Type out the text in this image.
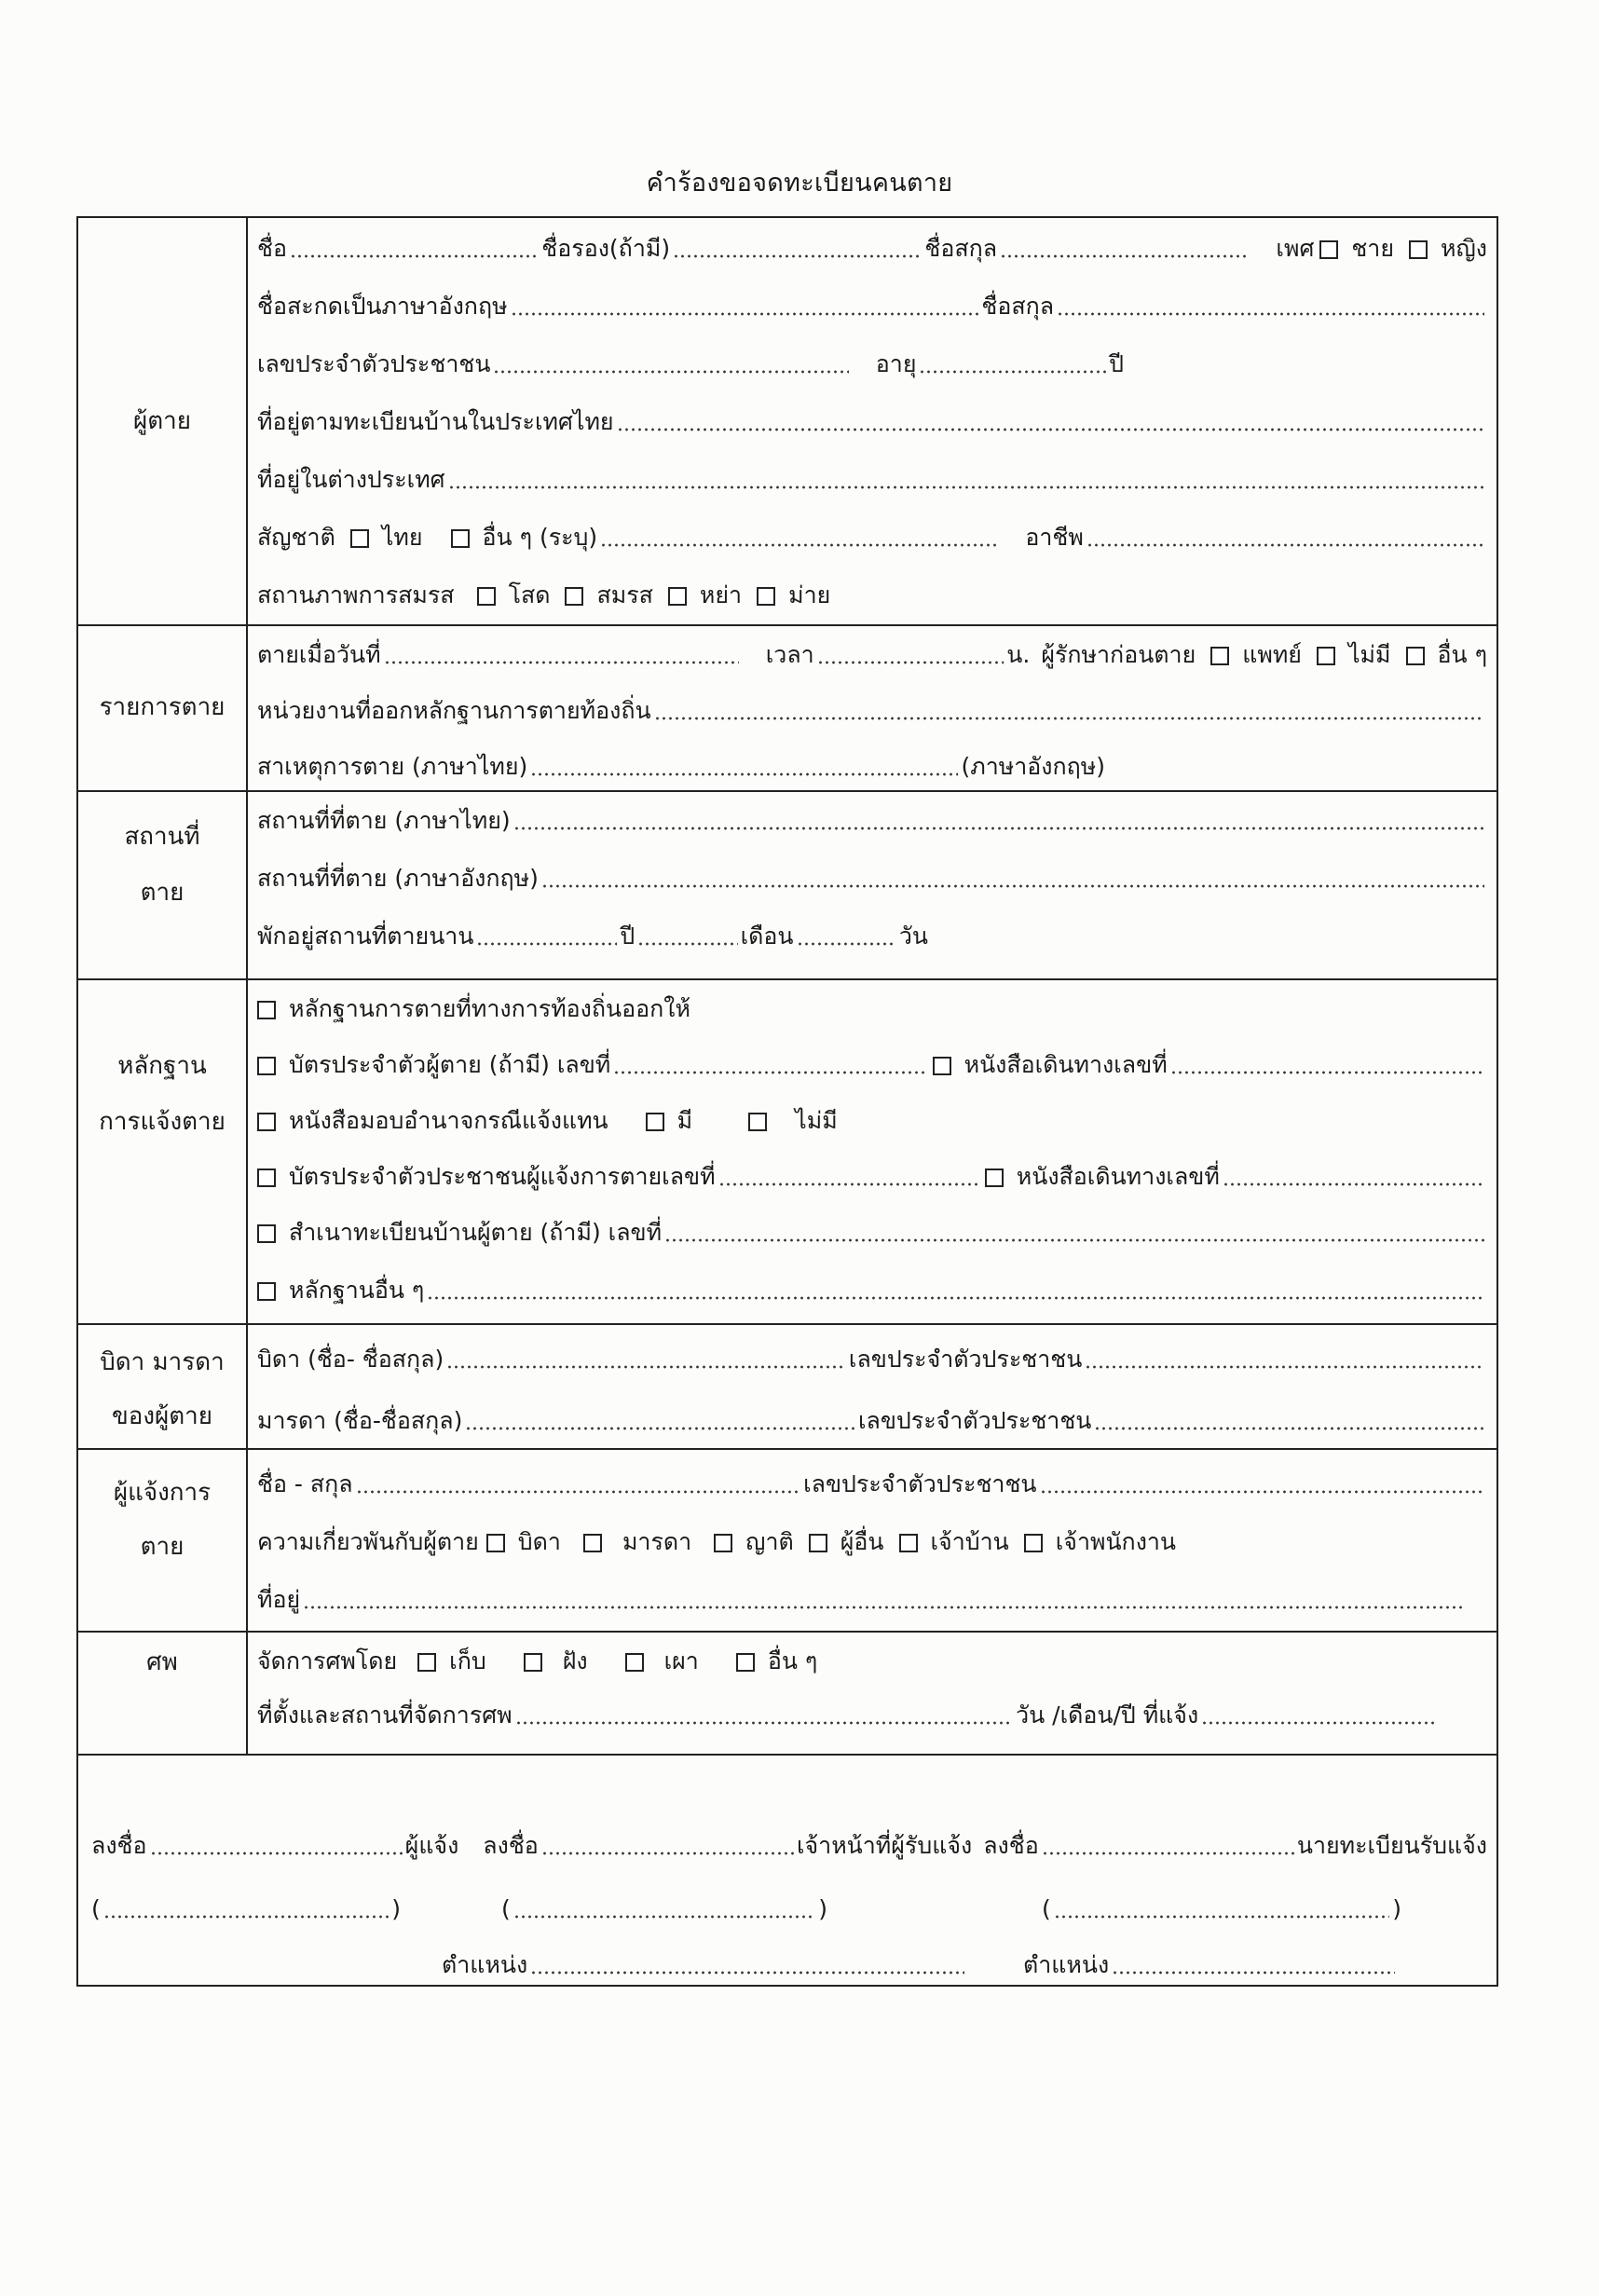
คำร้องขอจดทะเบียนคนตาย
ผู้ตาย
ชื่อ	ชื่อรอง(ถ้ามี)	ชื่อสกุล	เพศ ชาย หญิง
ชื่อสะกดเป็นภาษาอังกฤษ	ชื่อสกุล
เลขประจำตัวประชาชน	อายุ	ปี
ที่อยู่ตามทะเบียนบ้านในประเทศไทย
ที่อยู่ในต่างประเทศ
สัญชาติ ไทย	อื่น ๆ (ระบุ)	อาชีพ
สถานภาพการสมรส โสด สมรส หย่า ม่าย
รายการตาย
ตายเมื่อวันที่	เวลา	น. ผู้รักษาก่อนตาย แพทย์ ไม่มี อื่น ๆ
หน่วยงานที่ออกหลักฐานการตายท้องถิ่น
สาเหตุการตาย (ภาษาไทย)	(ภาษาอังกฤษ)
สถานที่
ตาย
สถานที่ที่ตาย (ภาษาไทย)
สถานที่ที่ตาย (ภาษาอังกฤษ)
พักอยู่สถานที่ตายนาน	ปี	เดือน	วัน
หลักฐาน
การแจ้งตาย
หลักฐานการตายที่ทางการท้องถิ่นออกให้
บัตรประจำตัวผู้ตาย (ถ้ามี) เลขที่	หนังสือเดินทางเลขที่
หนังสือมอบอำนาจกรณีแจ้งแทน	มี	ไม่มี
บัตรประจำตัวประชาชนผู้แจ้งการตายเลขที่	หนังสือเดินทางเลขที่
สำเนาทะเบียนบ้านผู้ตาย (ถ้ามี) เลขที่
หลักฐานอื่น ๆ
บิดา มารดา
ของผู้ตาย
บิดา (ชื่อ- ชื่อสกุล)	เลขประจำตัวประชาชน
มารดา (ชื่อ-ชื่อสกุล)	เลขประจำตัวประชาชน
ผู้แจ้งการ
ตาย
ชื่อ - สกุล	เลขประจำตัวประชาชน
ความเกี่ยวพันกับผู้ตาย บิดา	มารดา ญาติ ผู้อื่น เจ้าบ้าน เจ้าพนักงาน
ที่อยู่
ศพ	จัดการศพโดย เก็บ	ฝัง	เผา	อื่น ๆ
ที่ตั้งและสถานที่จัดการศพ	วัน /เดือน/ปี ที่แจ้ง
ลงชื่อ	ผู้แจ้ง ลงชื่อ	เจ้าหน้าที่ผู้รับแจ้ง ลงชื่อ	นายทะเบียนรับแจ้ง
(	)	(	)	(	)
ตำแหน่ง	ตำแหน่ง
